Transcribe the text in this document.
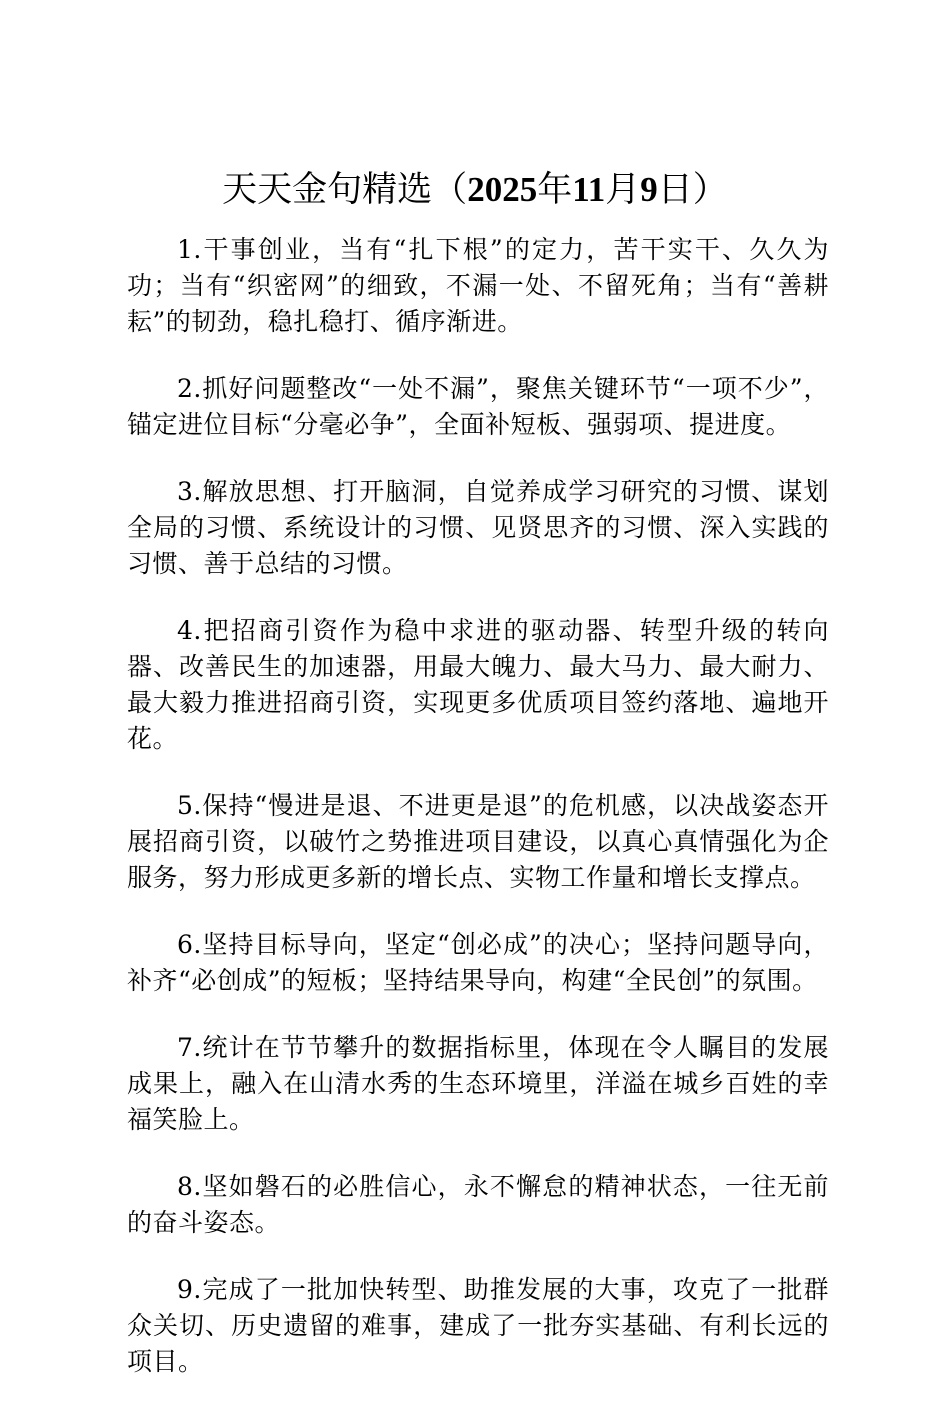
天天金句精选（2025年11月9日）

1.干事创业，当有“扎下根”的定力，苦干实干、久久为功；当有“织密网”的细致，不漏一处、不留死角；当有“善耕耘”的韧劲，稳扎稳打、循序渐进。

2.抓好问题整改“一处不漏”，聚焦关键环节“一项不少”，锚定进位目标“分毫必争”，全面补短板、强弱项、提进度。

3.解放思想、打开脑洞，自觉养成学习研究的习惯、谋划全局的习惯、系统设计的习惯、见贤思齐的习惯、深入实践的习惯、善于总结的习惯。

4.把招商引资作为稳中求进的驱动器、转型升级的转向器、改善民生的加速器，用最大魄力、最大马力、最大耐力、最大毅力推进招商引资，实现更多优质项目签约落地、遍地开花。

5.保持“慢进是退、不进更是退”的危机感，以决战姿态开展招商引资，以破竹之势推进项目建设，以真心真情强化为企服务，努力形成更多新的增长点、实物工作量和增长支撑点。

6.坚持目标导向，坚定“创必成”的决心；坚持问题导向，补齐“必创成”的短板；坚持结果导向，构建“全民创”的氛围。

7.统计在节节攀升的数据指标里，体现在令人瞩目的发展成果上，融入在山清水秀的生态环境里，洋溢在城乡百姓的幸福笑脸上。

8.坚如磐石的必胜信心，永不懈怠的精神状态，一往无前的奋斗姿态。

9.完成了一批加快转型、助推发展的大事，攻克了一批群众关切、历史遗留的难事，建成了一批夯实基础、有利长远的项目。
